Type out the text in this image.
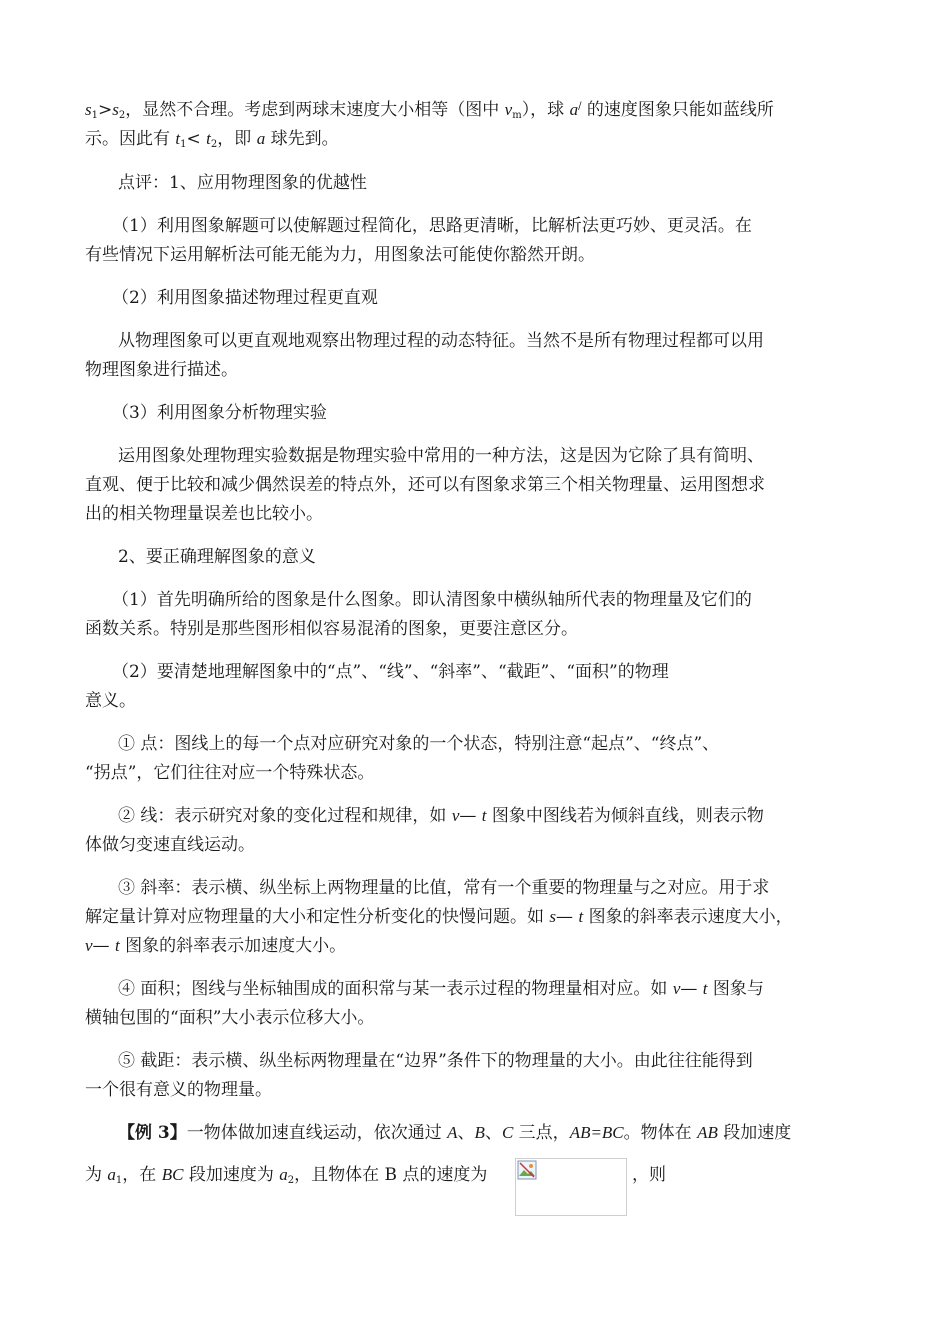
$s_1>s_2$，显然不合理。考虑到两球末速度大小相等（图中 $v_m$），球 a/ 的速度图象只能如蓝线所
示。因此有 $t_1< t_2$，即 a 球先到。
点评：1、应用物理图象的优越性
（1）利用图象解题可以使解题过程简化，思路更清晰，比解析法更巧妙、更灵活。在
有些情况下运用解析法可能无能为力，用图象法可能使你豁然开朗。
（2）利用图象描述物理过程更直观
从物理图象可以更直观地观察出物理过程的动态特征。当然不是所有物理过程都可以用
物理图象进行描述。
（3）利用图象分析物理实验
运用图象处理物理实验数据是物理实验中常用的一种方法，这是因为它除了具有简明、
直观、便于比较和减少偶然误差的特点外，还可以有图象求第三个相关物理量、运用图想求
出的相关物理量误差也比较小。
2、要正确理解图象的意义
（1）首先明确所给的图象是什么图象。即认清图象中横纵轴所代表的物理量及它们的
函数关系。特别是那些图形相似容易混淆的图象，更要注意区分。
（2）要清楚地理解图象中的“点”、“线”、“斜率”、“截距”、“面积”的物理
意义。
① 点：图线上的每一个点对应研究对象的一个状态，特别注意“起点”、“终点”、
“拐点”，它们往往对应一个特殊状态。
② 线：表示研究对象的变化过程和规律，如 v— t 图象中图线若为倾斜直线，则表示物
体做匀变速直线运动。
③ 斜率：表示横、纵坐标上两物理量的比值，常有一个重要的物理量与之对应。用于求
解定量计算对应物理量的大小和定性分析变化的快慢问题。如 s— t 图象的斜率表示速度大小，
v— t 图象的斜率表示加速度大小。
④ 面积；图线与坐标轴围成的面积常与某一表示过程的物理量相对应。如 v— t 图象与
横轴包围的“面积”大小表示位移大小。
⑤ 截距：表示横、纵坐标两物理量在“边界”条件下的物理量的大小。由此往往能得到
一个很有意义的物理量。
【例 3】一物体做加速直线运动，依次通过 A、B、C 三点，AB=BC。物体在 AB 段加速度
为 $a_1$，在 BC 段加速度为 $a_2$，且物体在 B 点的速度为	，则
